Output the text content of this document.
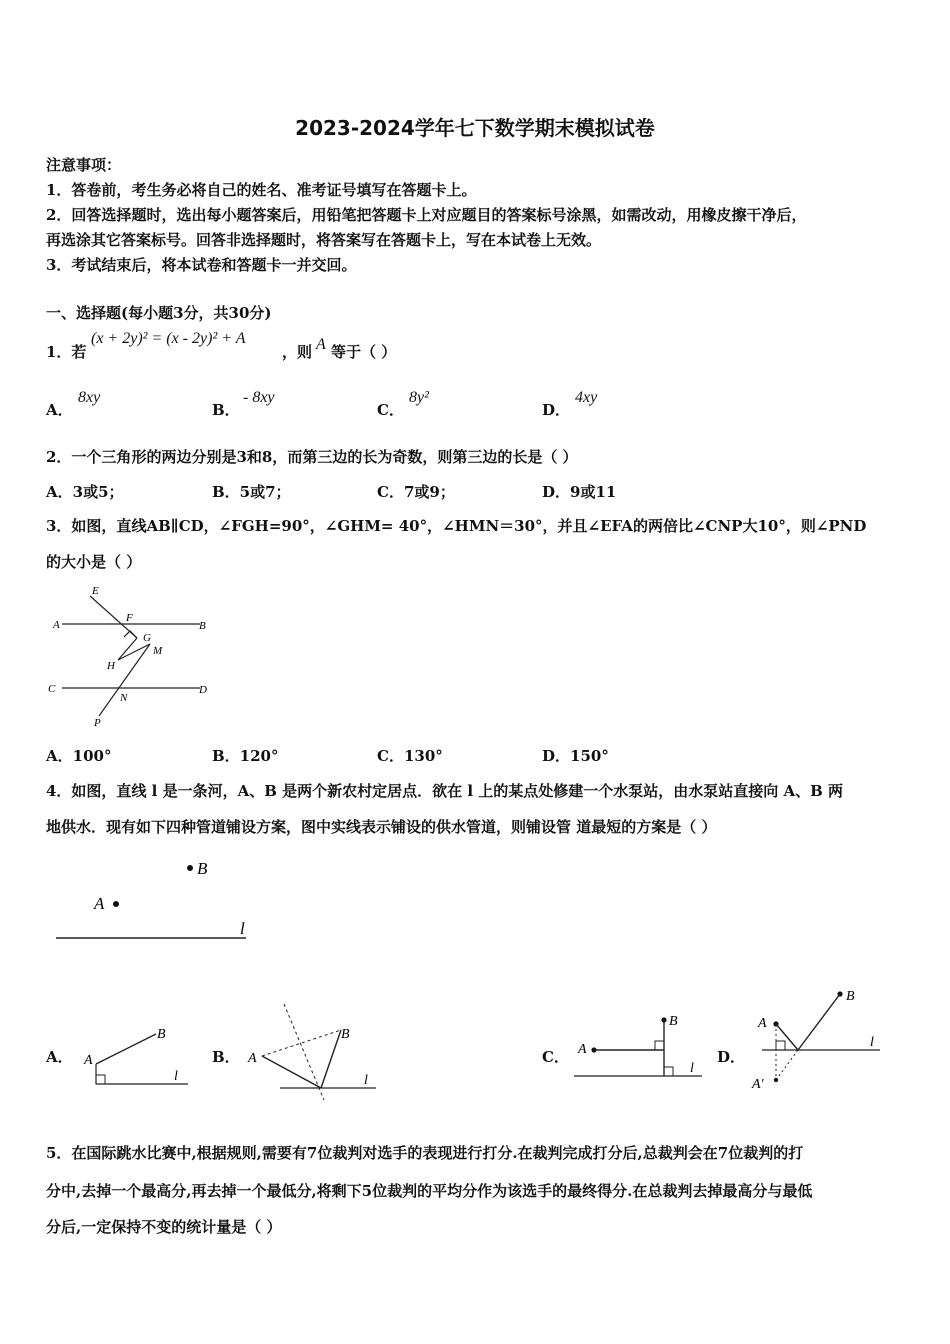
2023-2024学年七下数学期末模拟试卷
注意事项：
1．答卷前，考生务必将自己的姓名、准考证号填写在答题卡上。
2．回答选择题时，选出每小题答案后，用铅笔把答题卡上对应题目的答案标号涂黑，如需改动，用橡皮擦干净后，
再选涂其它答案标号。回答非选择题时，将答案写在答题卡上，写在本试卷上无效。
3．考试结束后，将本试卷和答题卡一并交回。
一、选择题(每小题3分，共30分)
1．若
(x + 2y)² = (x - 2y)² + A
，则 A 等于（ ）
A．
8xy
B．
- 8xy
C．
8y²
D．
4xy
2．一个三角形的两边分别是3和8，而第三边的长为奇数，则第三边的长是（ ）
A．3或5；	B．5或7；	C．7或9；	D．9或11
3．如图，直线AB∥CD，∠FGH=90°，∠GHM= 40°，∠HMN＝30°，并且∠EFA的两倍比∠CNP大10°，则∠PND
的大小是（ ）
E
F
A	B
G
M
H
C	D
N
P
A．100°	B．120°	C．130°	D．150°
4．如图，直线 l 是一条河，A、B 是两个新农村定居点．欲在 l 上的某点处修建一个水泵站，由水泵站直接向 A、B 两
地供水．现有如下四种管道铺设方案，图中实线表示铺设的供水管道，则铺设管 道最短的方案是（ ）
B
A
l
A． A
B
l
B． A
B
l
C． A
B
l
D．
A
B
l
A'
5．在国际跳水比赛中,根据规则,需要有7位裁判对选手的表现进行打分.在裁判完成打分后,总裁判会在7位裁判的打
分中,去掉一个最高分,再去掉一个最低分,将剩下5位裁判的平均分作为该选手的最终得分.在总裁判去掉最高分与最低
分后,一定保持不变的统计量是（ ）
